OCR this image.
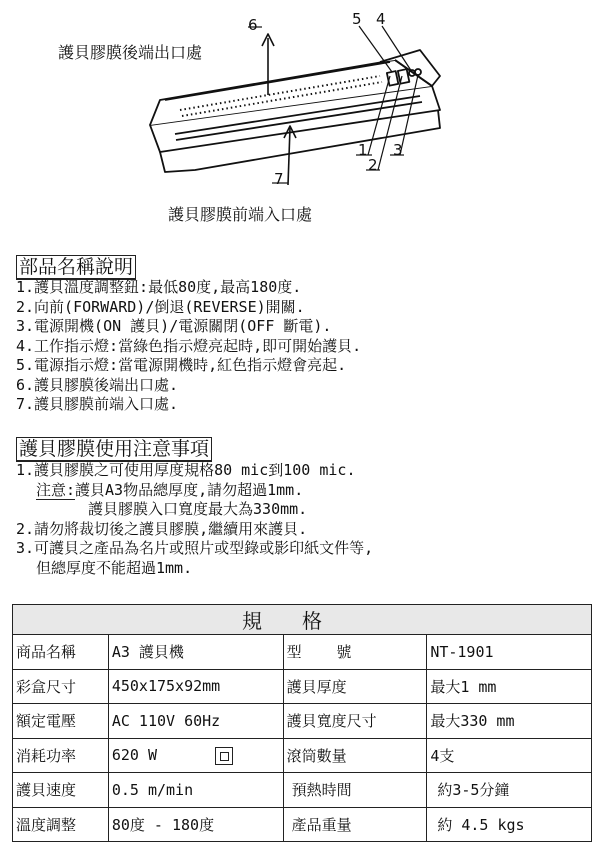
護貝膠膜後端出口處
護貝膠膜前端入口處
5 4
6
1
2
3
7
部品名稱說明
1.護貝溫度調整鈕:最低80度,最高180度.
2.向前(FORWARD)/倒退(REVERSE)開關.
3.電源開機(ON 護貝)/電源關閉(OFF 斷電).
4.工作指示燈:當綠色指示燈亮起時,即可開始護貝.
5.電源指示燈:當電源開機時,紅色指示燈會亮起.
6.護貝膠膜後端出口處.
7.護貝膠膜前端入口處.
護貝膠膜使用注意事項
1.護貝膠膜之可使用厚度規格80 mic到100 mic.
注意:護貝A3物品總厚度,請勿超過1mm.
護貝膠膜入口寬度最大為330mm.
2.請勿將裁切後之護貝膠膜,繼續用來護貝.
3.可護貝之產品為名片或照片或型錄或影印紙文件等,
但總厚度不能超過1mm.
規格			
商品名稱	A3 護貝機	型 號	NT-1901
彩盒尺寸	450x175x92mm	護貝厚度	最大1 mm
額定電壓	AC 110V 60Hz	護貝寬度尺寸	最大330 mm
消耗功率	620 W	滾筒數量	4支
護貝速度	0.5 m/min	預熱時間	約3-5分鐘
溫度調整	80度 - 180度	產品重量	約 4.5 kgs
